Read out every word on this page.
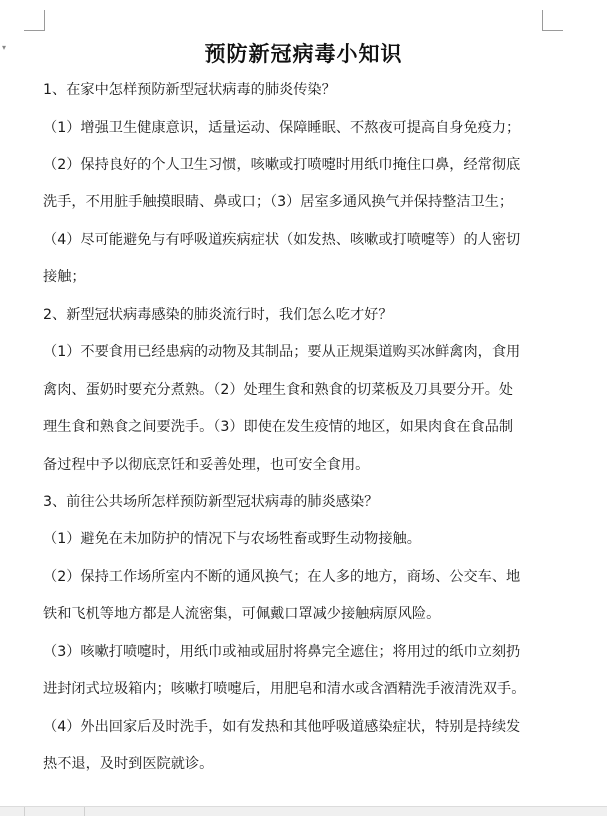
▾	预防新冠病毒小知识
1、在家中怎样预防新型冠状病毒的肺炎传染？
（1）增强卫生健康意识，适量运动、保障睡眠、不熬夜可提高自身免疫力；
（2）保持良好的个人卫生习惯，咳嗽或打喷嚏时用纸巾掩住口鼻，经常彻底
洗手，不用脏手触摸眼睛、鼻或口；（3）居室多通风换气并保持整洁卫生；
（4）尽可能避免与有呼吸道疾病症状（如发热、咳嗽或打喷嚏等）的人密切
接触；
2、新型冠状病毒感染的肺炎流行时，我们怎么吃才好？
（1）不要食用已经患病的动物及其制品；要从正规渠道购买冰鲜禽肉，食用
禽肉、蛋奶时要充分煮熟。（2）处理生食和熟食的切菜板及刀具要分开。处
理生食和熟食之间要洗手。（3）即使在发生疫情的地区，如果肉食在食品制
备过程中予以彻底烹饪和妥善处理，也可安全食用。
3、前往公共场所怎样预防新型冠状病毒的肺炎感染？
（1）避免在未加防护的情况下与农场牲畜或野生动物接触。
（2）保持工作场所室内不断的通风换气；在人多的地方，商场、公交车、地
铁和飞机等地方都是人流密集，可佩戴口罩减少接触病原风险。
（3）咳嗽打喷嚏时，用纸巾或袖或屈肘将鼻完全遮住；将用过的纸巾立刻扔
进封闭式垃圾箱内；咳嗽打喷嚏后，用肥皂和清水或含酒精洗手液清洗双手。
（4）外出回家后及时洗手，如有发热和其他呼吸道感染症状，特别是持续发
热不退，及时到医院就诊。
